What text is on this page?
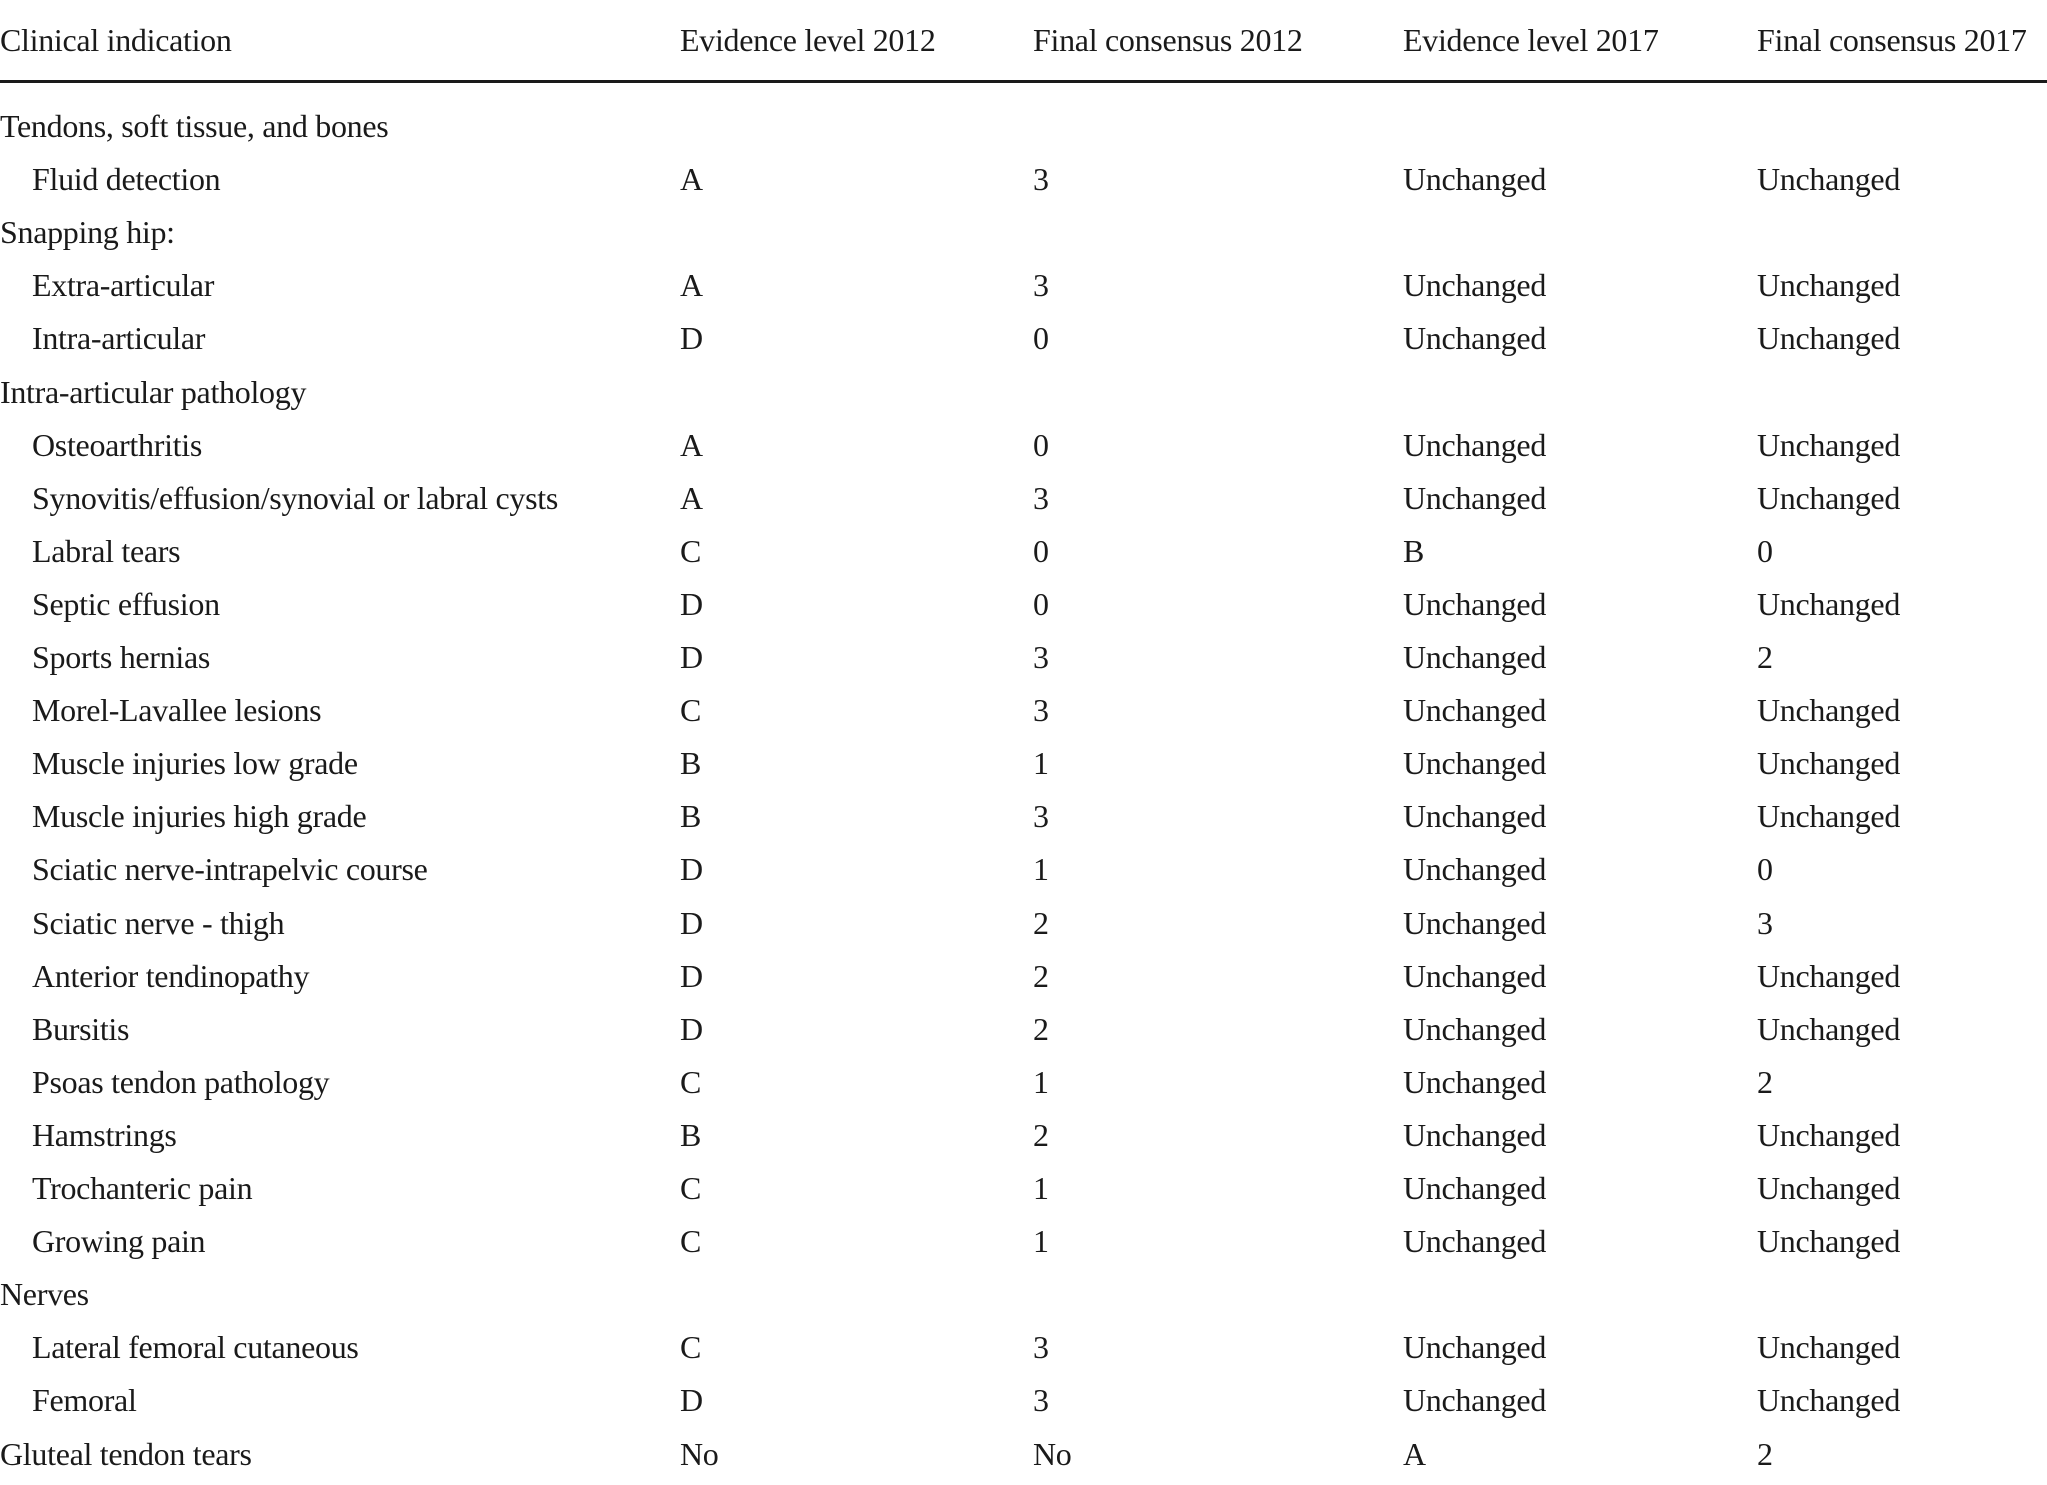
Clinical indication	Evidence level 2012	Final consensus 2012	Evidence level 2017	Final consensus 2017
Tendons, soft tissue, and bones
Fluid detection	A	3	Unchanged	Unchanged
Snapping hip:
Extra-articular	A	3	Unchanged	Unchanged
Intra-articular	D	0	Unchanged	Unchanged
Intra-articular pathology
Osteoarthritis	A	0	Unchanged	Unchanged
Synovitis/effusion/synovial or labral cysts	A	3	Unchanged	Unchanged
Labral tears	C	0	B	0
Septic effusion	D	0	Unchanged	Unchanged
Sports hernias	D	3	Unchanged	2
Morel-Lavallee lesions	C	3	Unchanged	Unchanged
Muscle injuries low grade	B	1	Unchanged	Unchanged
Muscle injuries high grade	B	3	Unchanged	Unchanged
Sciatic nerve-intrapelvic course	D	1	Unchanged	0
Sciatic nerve - thigh	D	2	Unchanged	3
Anterior tendinopathy	D	2	Unchanged	Unchanged
Bursitis	D	2	Unchanged	Unchanged
Psoas tendon pathology	C	1	Unchanged	2
Hamstrings	B	2	Unchanged	Unchanged
Trochanteric pain	C	1	Unchanged	Unchanged
Growing pain	C	1	Unchanged	Unchanged
Nerves
Lateral femoral cutaneous	C	3	Unchanged	Unchanged
Femoral	D	3	Unchanged	Unchanged
Gluteal tendon tears	No	No	A	2
